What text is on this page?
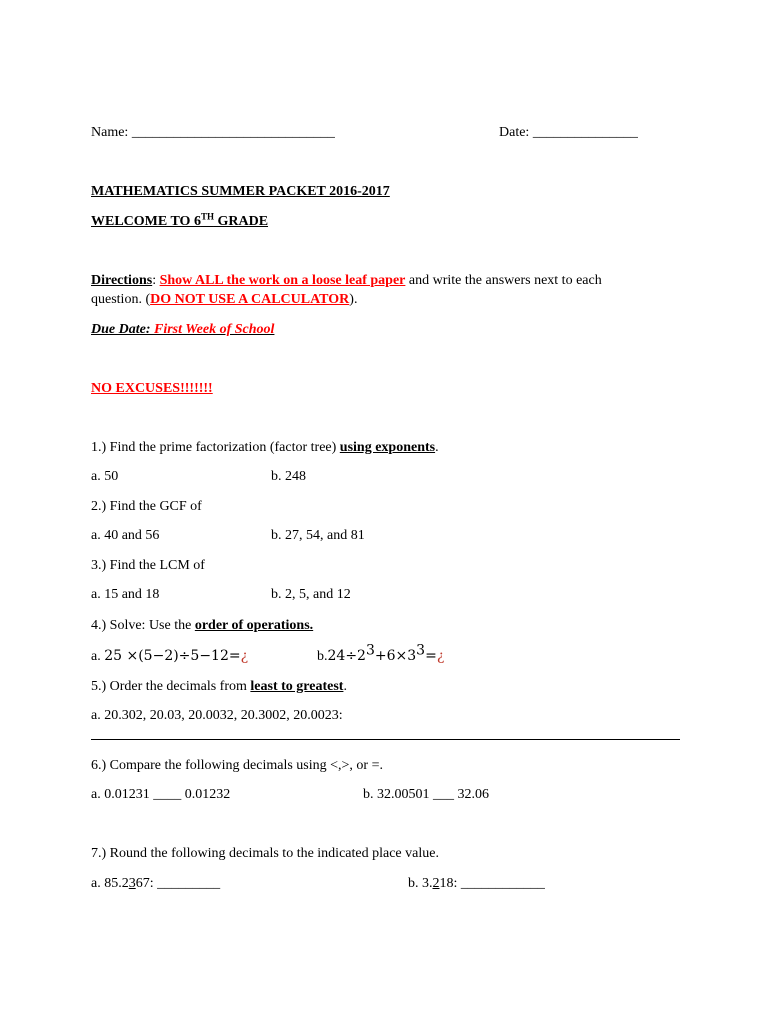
Name: _____________________________	Date: _______________
MATHEMATICS SUMMER PACKET 2016-2017
WELCOME TO 6TH GRADE
Directions: Show ALL the work on a loose leaf paper and write the answers next to each
question. (DO NOT USE A CALCULATOR).
Due Date: First Week of School
NO EXCUSES!!!!!!!
1.) Find the prime factorization (factor tree) using exponents.
a. 50	b. 248
2.) Find the GCF of
a. 40 and 56	b. 27, 54, and 81
3.) Find the LCM of
a. 15 and 18	b. 2, 5, and 12
4.) Solve: Use the order of operations.
a. 25 ×(5−2)÷5−12=¿	$b.24\div 2^3+6\times 3^3=¿$
5.) Order the decimals from least to greatest.
a. 20.302, 20.03, 20.0032, 20.3002, 20.0023:
6.) Compare the following decimals using <,>, or =.
a. 0.01231 ____ 0.01232	b. 32.00501 ___ 32.06
7.) Round the following decimals to the indicated place value.
a. 85.2367: _________	b. 3.218: ____________
